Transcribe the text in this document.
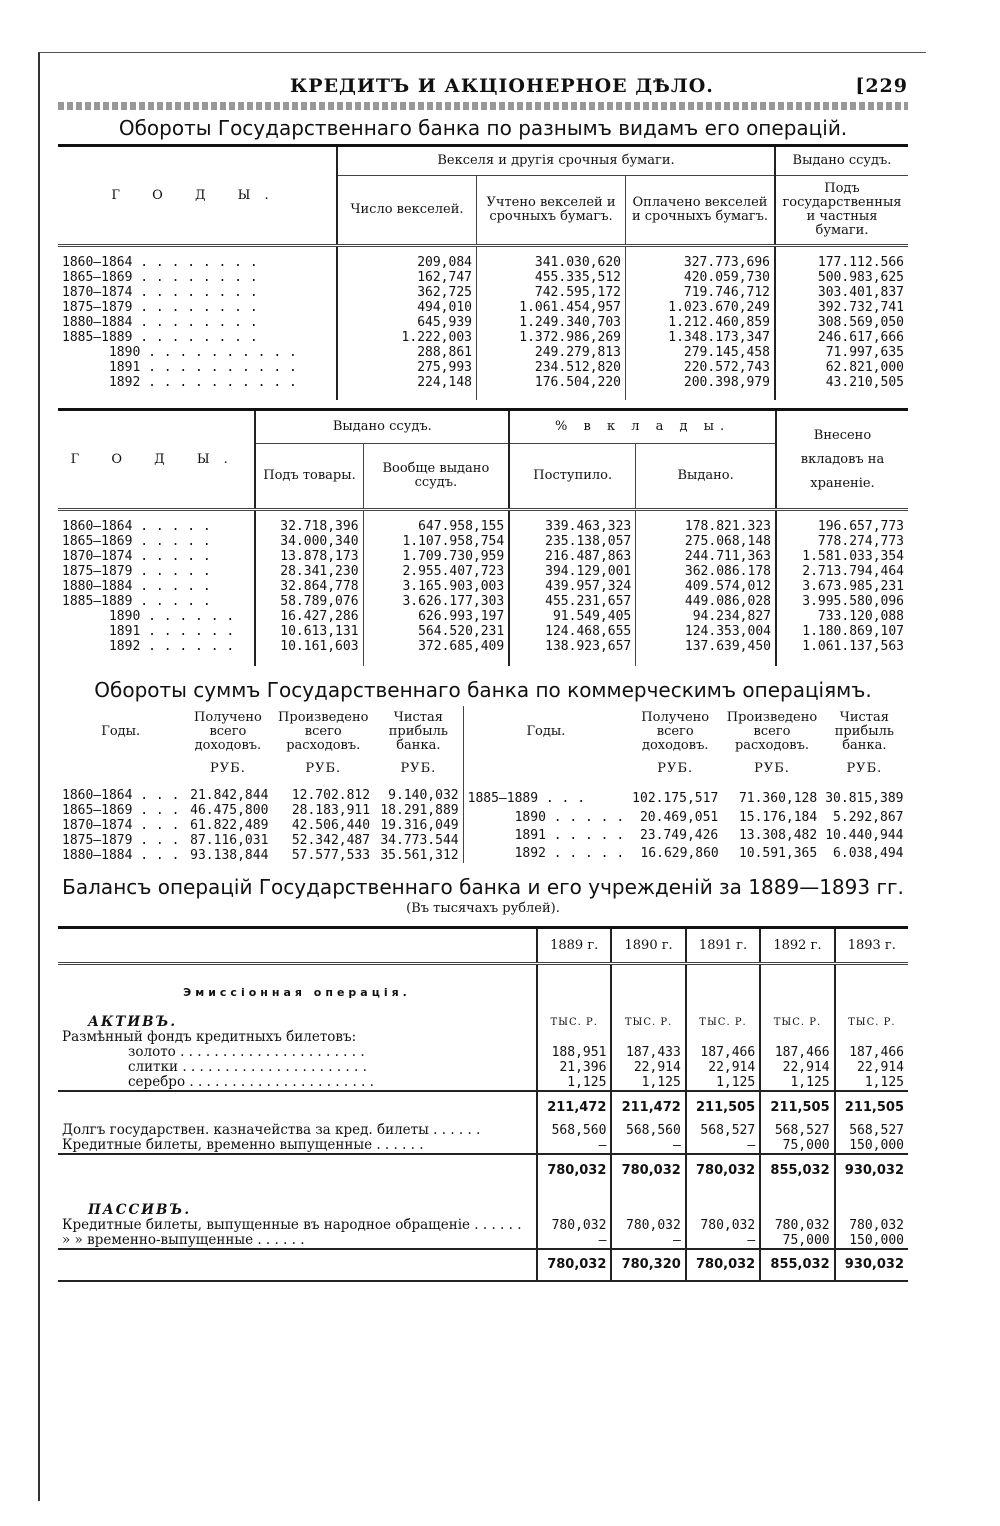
КРЕДИТЪ И АКЦІОНЕРНОЕ ДѢЛО.	[229
Обороты Государственнаго банка по разнымъ видамъ его операцій.
Г О Д Ы.	Векселя и другія срочныя бумаги.			Выдано ссудъ.
	Число векселей.	Учтено векселей и срочныхъ бумагъ.	Оплачено векселей и срочныхъ бумагъ.	Подъ государственныя и частныя бумаги.
1860—1864 . . . . . . . .	209,084	341.030,620	327.773,696	177.112.566
1865—1869 . . . . . . . .	162,747	455.335,512	420.059,730	500.983,625
1870—1874 . . . . . . . .	362,725	742.595,172	719.746,712	303.401,837
1875—1879 . . . . . . . .	494,010	1.061.454,957	1.023.670,249	392.732,741
1880—1884 . . . . . . . .	645,939	1.249.340,703	1.212.460,859	308.569,050
1885—1889 . . . . . . . .	1.222,003	1.372.986,269	1.348.173,347	246.617,666
1890 . . . . . . . . . .	288,861	249.279,813	279.145,458	71.997,635
1891 . . . . . . . . . .	275,993	234.512,820	220.572,743	62.821,000
1892 . . . . . . . . . .	224,148	176.504,220	200.398,979	43.210,505

Г О Д Ы.	Выдано ссудъ.		% в к л а д ы.		Внесено вкладовъ на храненіе.
	Подъ товары.	Вообще выдано ссудъ.	Поступило.	Выдано.	
1860—1864 . . . . .	32.718,396	647.958,155	339.463,323	178.821.323	196.657,773
1865—1869 . . . . .	34.000,340	1.107.958,754	235.138,057	275.068,148	778.274,773
1870—1874 . . . . .	13.878,173	1.709.730,959	216.487,863	244.711,363	1.581.033,354
1875—1879 . . . . .	28.341,230	2.955.407,723	394.129,001	362.086.178	2.713.794,464
1880—1884 . . . . .	32.864,778	3.165.903,003	439.957,324	409.574,012	3.673.985,231
1885—1889 . . . . .	58.789,076	3.626.177,303	455.231,657	449.086,028	3.995.580,096
1890 . . . . . .	16.427,286	626.993,197	91.549,405	94.234,827	733.120,088
1891 . . . . . .	10.613,131	564.520,231	124.468,655	124.353,004	1.180.869,107
1892 . . . . . .	10.161,603	372.685,409	138.923,657	137.639,450	1.061.137,563

Обороты суммъ Государственнаго банка по коммерческимъ операціямъ.
Годы.	Получено всего доходовъ.	Произведено всего расходовъ.	Чистая прибыль банка.
	РУБ.	РУБ.	РУБ.
1860—1864 . . .	21.842,844	12.702.812	9.140,032
1865—1869 . . .	46.475,800	28.183,911	18.291,889
1870—1874 . . .	61.822,489	42.506,440	19.316,049
1875—1879 . . .	87.116,031	52.342,487	34.773.544
1880—1884 . . .	93.138,844	57.577,533	35.561,312
Годы.	Получено всего доходовъ.	Произведено всего расходовъ.	Чистая прибыль банка.
	РУБ.	РУБ.	РУБ.
1885—1889 . . .	102.175,517	71.360,128	30.815,389
1890 . . . . .	20.469,051	15.176,184	5.292,867
1891 . . . . .	23.749,426	13.308,482	10.440,944
1892 . . . . .	16.629,860	10.591,365	6.038,494
Балансъ операцій Государственнаго банка и его учрежденій за 1889—1893 гг.
(Въ тысячахъ рублей).
	1889 г.	1890 г.	1891 г.	1892 г.	1893 г.
Эмиссіонная операція.					
АКТИВЪ.	ТЫС. Р.	ТЫС. Р.	ТЫС. Р.	ТЫС. Р.	ТЫС. Р.
Размѣнный фондъ кредитныхъ билетовъ:					
золото . . . . . . . . . . . . . . . . . . . . . .	188,951	187,433	187,466	187,466	187,466
слитки . . . . . . . . . . . . . . . . . . . . . .	21,396	22,914	22,914	22,914	22,914
серебро . . . . . . . . . . . . . . . . . . . . . .	1,125	1,125	1,125	1,125	1,125
	211,472	211,472	211,505	211,505	211,505
Долгъ государствен. казначейства за кред. билеты . . . . . .	568,560	568,560	568,527	568,527	568,527
Кредитные билеты, временно выпущенные . . . . . .	—	—	—	75,000	150,000
	780,032	780,032	780,032	855,032	930,032
ПАССИВЪ.					
Кредитные билеты, выпущенные въ народное обращеніе . . . . . .	780,032	780,032	780,032	780,032	780,032
» » временно-выпущенные . . . . . .	—	—	—	75,000	150,000
	780,032	780,320	780,032	855,032	930,032
